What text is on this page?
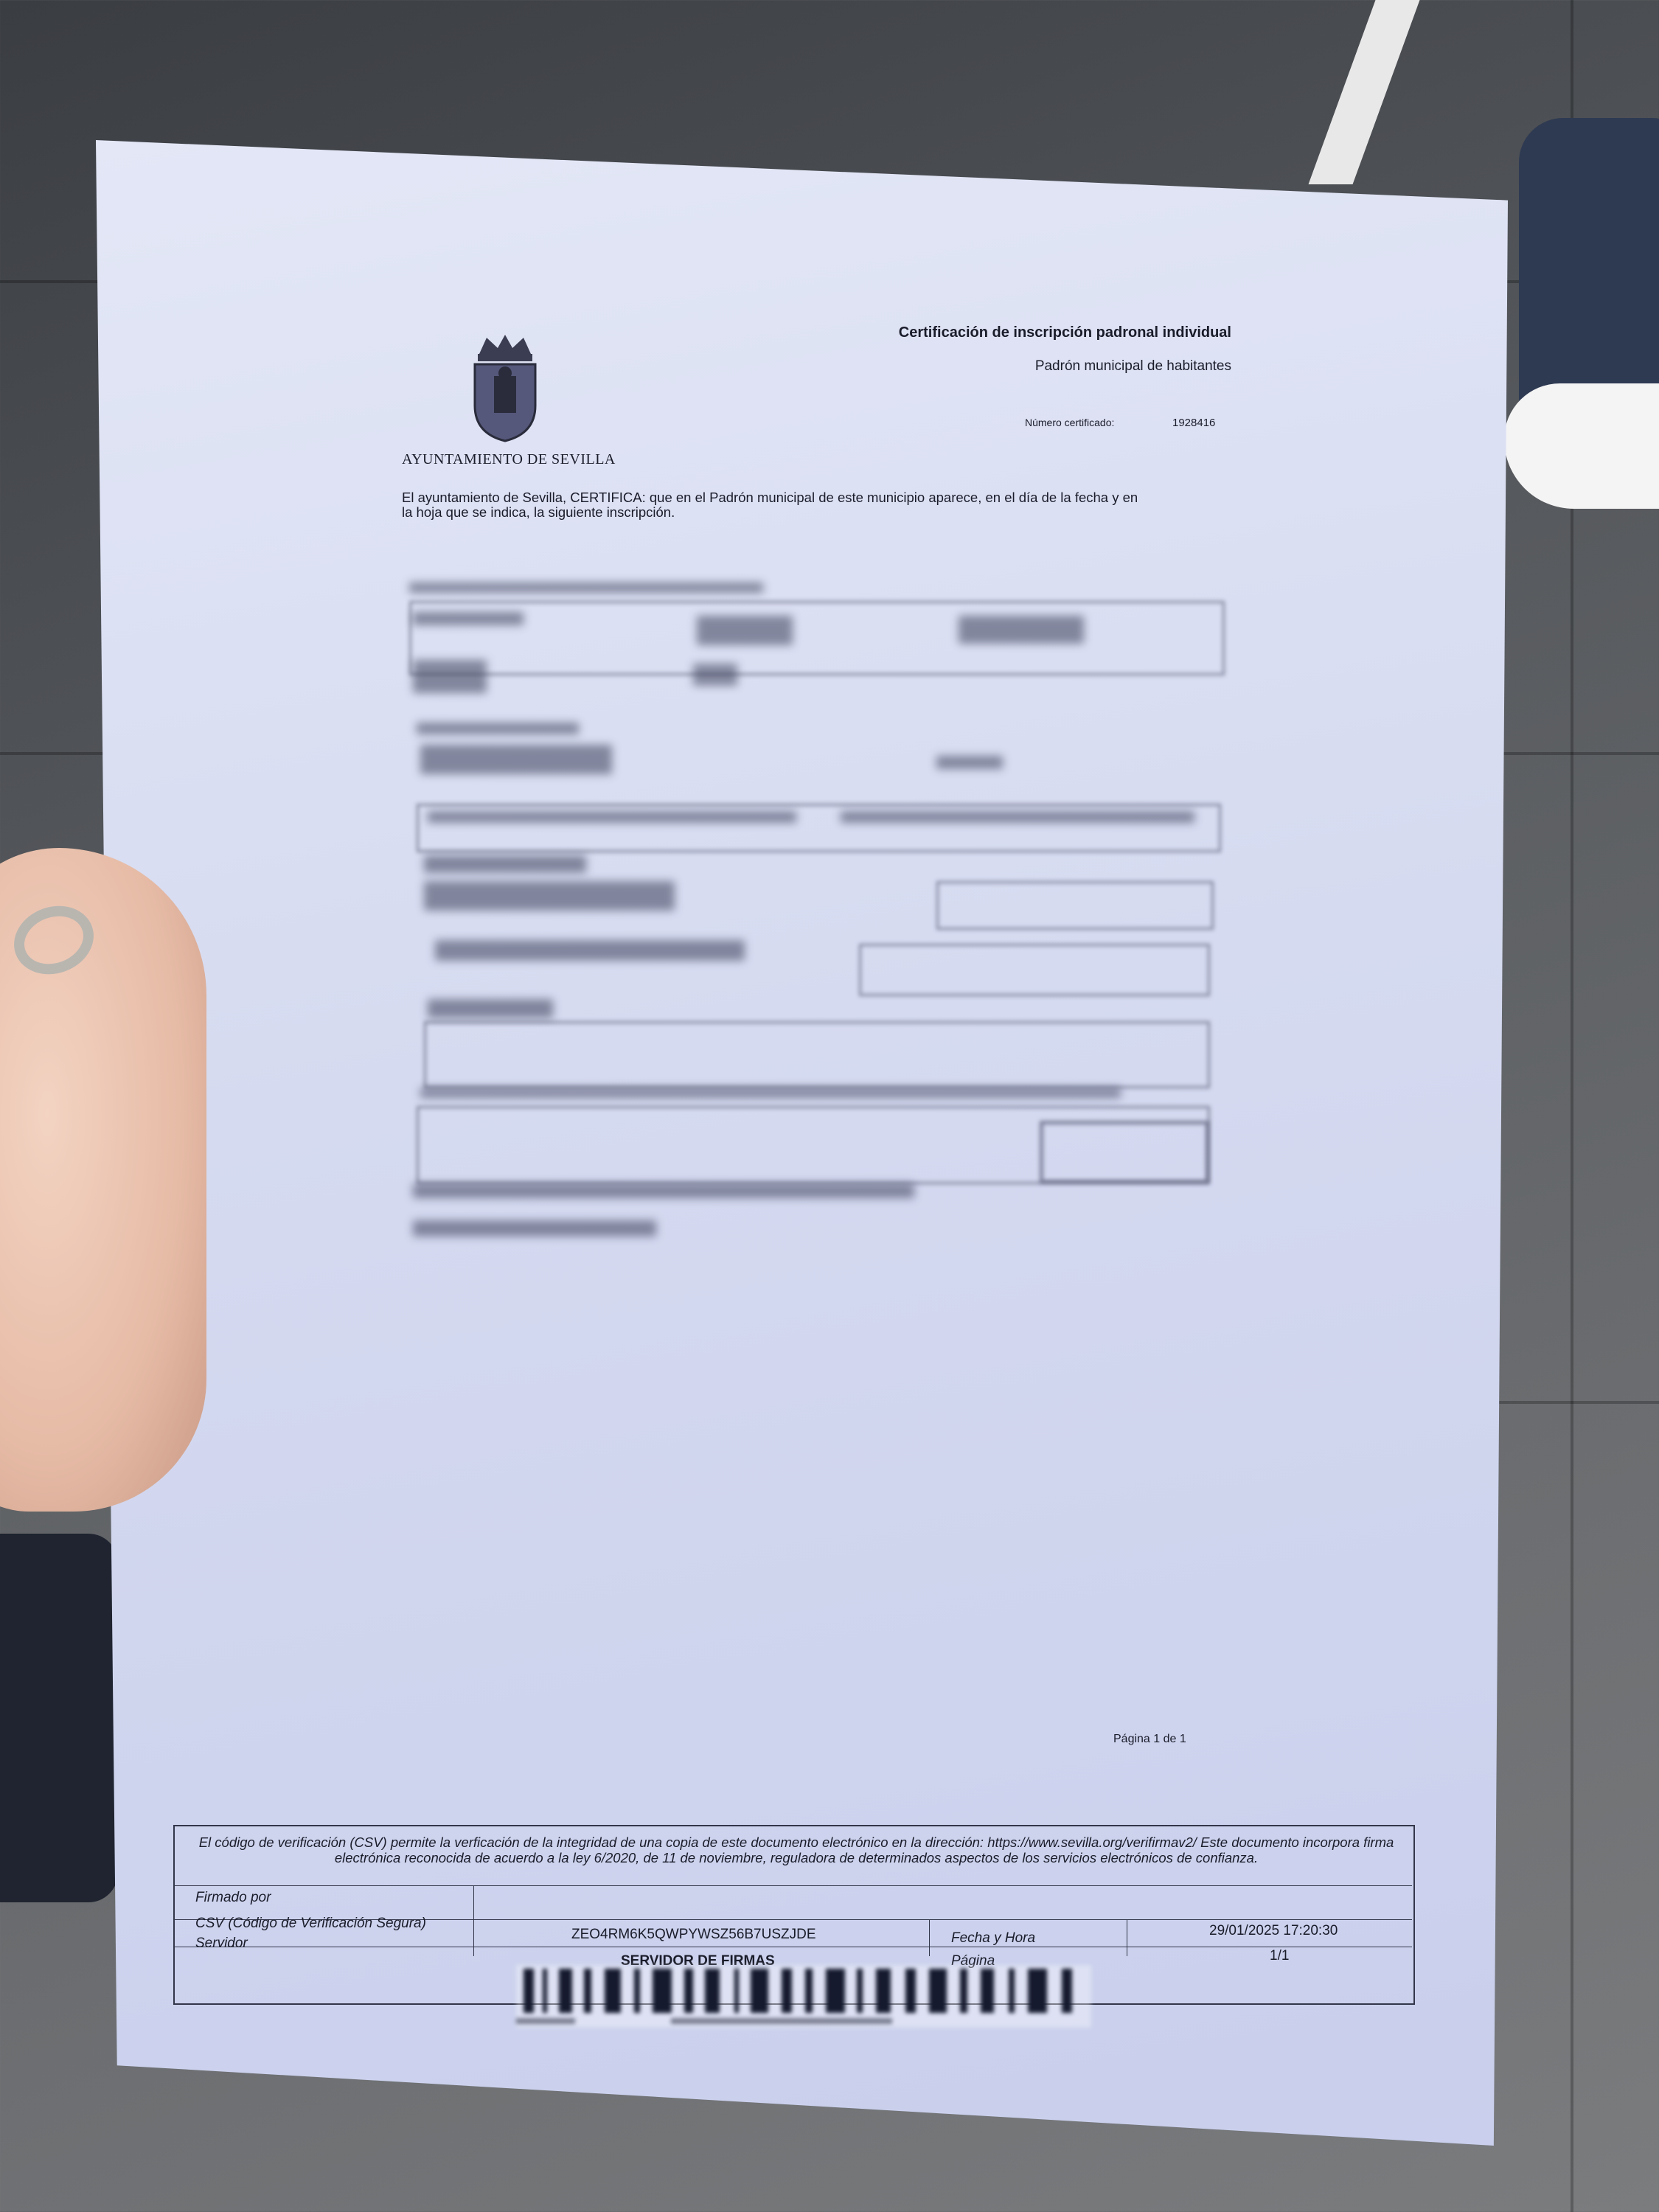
Certificación de inscripción padronal individual
Padrón municipal de habitantes
Número certificado:	1928416
AYUNTAMIENTO DE SEVILLA
El ayuntamiento de Sevilla, CERTIFICA: que en el Padrón municipal de este municipio aparece, en el día de la fecha y en la hoja que se indica, la siguiente inscripción.
Página 1 de 1
El código de verificación (CSV) permite la verficación de la integridad de una copia de este documento electrónico en la dirección: https://www.sevilla.org/verifirmav2/ Este documento incorpora firma electrónica reconocida de acuerdo a la ley 6/2020, de 11 de noviembre, reguladora de determinados aspectos de los servicios electrónicos de confianza.
Firmado por
CSV (Código de Verificación Segura)
ZEO4RM6K5QWPYWSZ56B7USZJDE	Fecha y Hora	29/01/2025 17:20:30
Servidor
SERVIDOR DE FIRMAS	Página	1/1
